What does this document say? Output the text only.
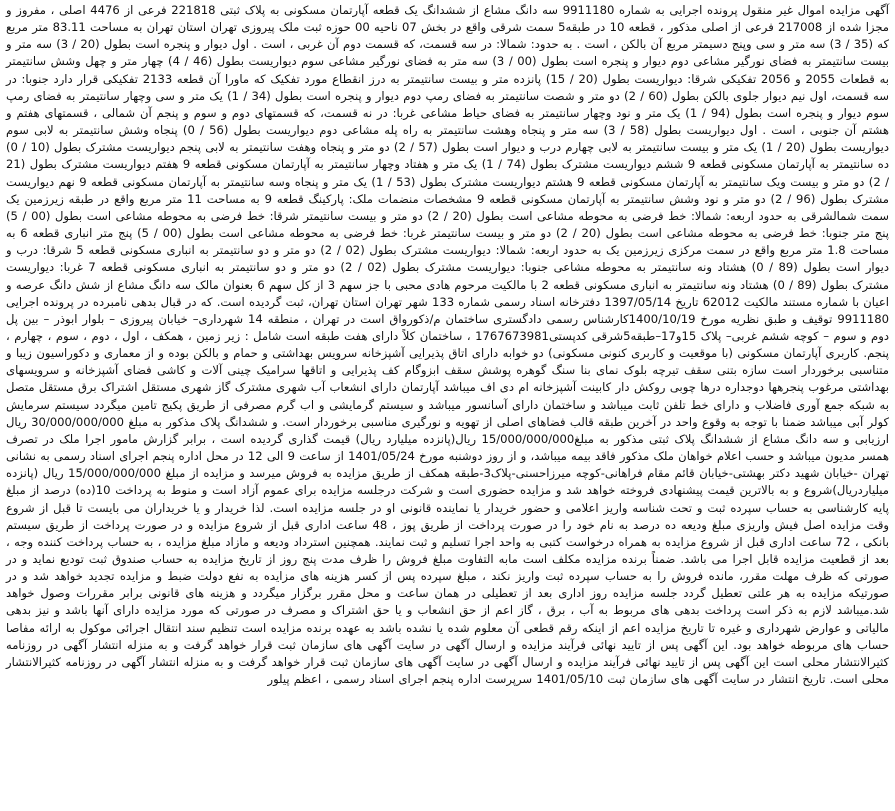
آگهی مزایده اموال غیر منقول پرونده اجرایی به شماره 9911180 سه دانگ مشاع از ششدانگ یک قطعه آپارتمان مسکونی به پلاک ثبتی 221818 فرعی از 4476 اصلی ، مفروز و مجزا شده از 217008 فرعی از اصلی مذکور ، قطعه 10 در طبقه5 سمت شرقی واقع در بخش 07 ناحیه 00 حوزه ثبت ملک پیروزی تهران استان تهران به مساحت 83.11 متر مربع که (35 / 3) سه متر و سی وپنج دسیمتر مربع آن بالکن ، است . به حدود: شمالا: در سه قسمت، که قسمت دوم آن غربی ، است . اول دیوار و پنجره است بطول (20 / 3) سه متر و بیست سانتیمتر به فضای نورگیر مشاعی دوم دیوار و پنجره است بطول (00 / 3) سه متر به فضای نورگیر مشاعی سوم دیواریست بطول (46 / 4) چهار متر و چهل وشش سانتیمتر به قطعات 2055 و 2056 تفکیکی شرقا: دیواریست بطول (20 / 15) پانزده متر و بیست سانتیمتر به درز انقطاع مورد تفکیک که ماورا آن قطعه 2133 تفکیکی قرار دارد جنوبا: در سه قسمت، اول نیم دیوار جلوی بالکن بطول (60 / 2) دو متر و شصت سانتیمتر به فضای رمپ دوم دیوار و پنجره است بطول (34 / 1) یک متر و سی وچهار سانتیمتر به فضای رمپ سوم دیوار و پنجره است بطول (94 / 1) یک متر و نود وچهار سانتیمتر به فضای حیاط مشاعی غربا: در نه قسمت، که قسمتهای دوم و سوم و پنجم آن شمالی ، قسمتهای هفتم و هشتم آن جنوبی ، است . اول دیواریست بطول (58 / 3) سه متر و پنجاه وهشت سانتیمتر به راه پله مشاعی دوم دیواریست بطول (56 / 0) پنجاه وشش سانتیمتر به لابی سوم دیواریست بطول (20 / 1) یک متر و بیست سانتیمتر به لابی چهارم درب و دیوار است بطول (57 / 2) دو متر و پنجاه وهفت سانتیمتر به لابی پنجم دیواریست مشترک بطول (10 / 0) ده سانتیمتر به آپارتمان مسکونی قطعه 9 ششم دیواریست مشترک بطول (74 / 1) یک متر و هفتاد وچهار سانتیمتر به آپارتمان مسکونی قطعه 9 هفتم دیواریست مشترک بطول (21 / 2) دو متر و بیست ویک سانتیمتر به آپارتمان مسکونی قطعه 9 هشتم دیواریست مشترک بطول (53 / 1) یک متر و پنجاه وسه سانتیمتر به آپارتمان مسکونی قطعه 9 نهم دیواریست مشترک بطول (96 / 2) دو متر و نود وشش سانتیمتر به آپارتمان مسکونی قطعه 9 مشخصات منضمات ملک: پارکینگ قطعه 9 به مساحت 11 متر مربع واقع در طبقه زیرزمین یک سمت شمالشرقی به حدود اربعه: شمالا: خط فرضی به محوطه مشاعی است بطول (20 / 2) دو متر و بیست سانتیمتر شرقا: خط فرضی به محوطه مشاعی است بطول (00 / 5) پنج متر جنوبا: خط فرضی به محوطه مشاعی است بطول (20 / 2) دو متر و بیست سانتیمتر غربا: خط فرضی به محوطه مشاعی است بطول (00 / 5) پنج متر انباری قطعه 6 به مساحت 1.8 متر مربع واقع در سمت مرکزی زیرزمین یک به حدود اربعه: شمالا: دیواریست مشترک بطول (02 / 2) دو متر و دو سانتیمتر به انباری مسکونی قطعه 5 شرقا: درب و دیوار است بطول (89 / 0) هشتاد ونه سانتیمتر به محوطه مشاعی جنوبا: دیواریست مشترک بطول (02 / 2) دو متر و دو سانتیمتر به انباری مسکونی قطعه 7 غربا: دیواریست مشترک بطول (89 / 0) هشتاد ونه سانتیمتر به انباری مسکونی قطعه 2 با مالکیت مرحوم هادی محبی با جز سهم 3 از کل سهم 6 بعنوان مالک سه دانگ مشاع از شش دانگ عرصه و اعیان با شماره مستند مالکیت 62012 تاریخ 1397/05/14 دفترخانه اسناد رسمی شماره 133 شهر تهران استان تهران، ثبت گردیده است. که در قبال بدهی نامبرده در پرونده اجرایی 9911180 توقیف و طبق نظریه مورخ 1400/10/19کارشناس رسمی دادگستری ساختمان م/ذکورواق است در تهران ، منطقه 14 شهرداری– خیابان پیروزی – بلوار ابوذر – بین پل دوم و سوم – کوچه ششم غربی– پلاک 15و17–طبقه5شرقی کدپستی1767673981 ، ساختمان کلاً دارای هفت طبقه است شامل : زیر زمین ، همکف ، اول ، دوم ، سوم ، چهارم ، پنجم. کاربری آپارتمان مسکونی (با موقعیت و کاربری کنونی مسکونی) دو خوابه دارای اتاق پذیرایی آشپزخانه سرویس بهداشتی و حمام و بالکن بوده و از معماری و دکوراسیون زیبا و متناسبی برخوردار است سازه بتنی سقف تیرچه بلوک نمای بنا سنگ گوهره پوشش سقف ابزوگام کف پذیرایی و اتاقها سرامیک چینی آلات و کاشی فضای آشپزخانه و سرویسهای بهداشتی مرغوب پنجرهها دوجداره درها چوبی روکش دار کابینت آشپزخانه ام دی اف میباشد آپارتمان دارای انشعاب آب شهری مشترک گاز شهری مستقل اشتراک برق مستقل متصل به شبکه جمع آوری فاضلاب و دارای خط تلفن ثابت میباشد و ساختمان دارای آسانسور میباشد و سیستم گرمایشی و اب گرم مصرفی از طریق پکیج تامین میگردد سیستم سرمایش کولر آبی میباشد ضمنا با توجه به وقوع واحد در آخرین طبقه قالب فضاهای اصلی از تهویه و نورگیری مناسبی برخوردار است. و ششدانگ پلاک مذکور به مبلغ 30/000/000/000 ریال ارزیابی و سه دانگ مشاع از ششدانگ پلاک ثبتی مذکور به مبلغ15/000/000/000 ریال(پانزده میلیارد ریال) قیمت گذاری گردیده است ، برابر گزارش مامور اجرا ملک در تصرف همسر مدیون میباشد و حسب اعلام خواهان ملک مذکور فاقد بیمه میباشد، و از روز دوشنبه مورخ 1401/05/24 از ساعت 9 الی 12 در محل اداره پنجم اجرای اسناد رسمی به نشانی تهران -خیابان شهید دکتر بهشتی-خیابان قائم مقام فراهانی-کوچه میرزاحسنی-پلاک3-طبقه همکف از طریق مزایده به فروش میرسد و مزایده از مبلغ 15/000/000/000 ریال (پانزده میلیاردریال)شروع و به بالاترین قیمت پیشنهادی فروخته خواهد شد و مزایده حضوری است و شرکت درجلسه مزایده برای عموم آزاد است و منوط به پرداخت 10(ده) درصد از مبلغ پایه کارشناسی به حساب سپرده ثبت و تحت شناسه واریز اعلامی و حضور خریدار یا نماینده قانونی او در جلسه مزایده است. لذا خریدار و یا خریداران می بایست تا قبل از شروع وقت مزایده اصل فیش واریزی مبلغ ودیعه ده درصد به نام خود را در صورت پرداخت از طریق پوز ، 48 ساعت اداری قبل از شروع مزایده و در صورت پرداخت از طریق سیستم بانکی ، 72 ساعت اداری قبل از شروع مزایده به همراه درخواست کتبی به واحد اجرا تسلیم و ثبت نمایند. همچنین استرداد ودیعه و مازاد مبلغ مزایده ، به حساب پرداخت کننده وجه ، بعد از قطعیت مزایده قابل اجرا می باشد. ضمناً برنده مزایده مکلف است مابه التفاوت مبلغ فروش را ظرف مدت پنج روز از تاریخ مزایده به حساب صندوق ثبت تودیع نماید و در صورتی که ظرف مهلت مقرر، مانده فروش را به حساب سپرده ثبت واریز نکند ، مبلغ سپرده پس از کسر هزینه های مزایده به نفع دولت ضبط و مزایده تجدید خواهد شد و در صورتیکه مزایده به هر علتی تعطیل گردد جلسه مزایده روز اداری بعد از تعطیلی در همان ساعت و محل مقرر برگزار میگردد و هزینه های قانونی برابر مقررات وصول خواهد شد.میباشد لازم به ذکر است پرداخت بدهی های مربوط به آب ، برق ، گاز اعم از حق انشعاب و یا حق اشتراک و مصرف در صورتی که مورد مزایده دارای آنها باشد و نیز بدهی مالیاتی و عوارض شهرداری و غیره تا تاریخ مزایده اعم از اینکه رقم قطعی آن معلوم شده یا نشده باشد به عهده برنده مزایده است تنظیم سند انتقال اجرائی موکول به ارائه مفاصا حساب های مربوطه خواهد بود. این آگهی پس از تایید نهائی فرآیند مزایده و ارسال آگهی در سایت آگهی های سازمان ثبت قرار خواهد گرفت و به منزله انتشار آگهی در روزنامه کثیرالانتشار محلی است این آگهی پس از تایید نهائی فرآیند مزایده و ارسال آگهی در سایت آگهی های سازمان ثبت قرار خواهد گرفت و به منزله انتشار آگهی در روزنامه کثیرالانتشار محلی است. تاریخ انتشار در سایت آگهی های سازمان ثبت 1401/05/10 سرپرست اداره پنجم اجرای اسناد رسمی ، اعظم پیلور
